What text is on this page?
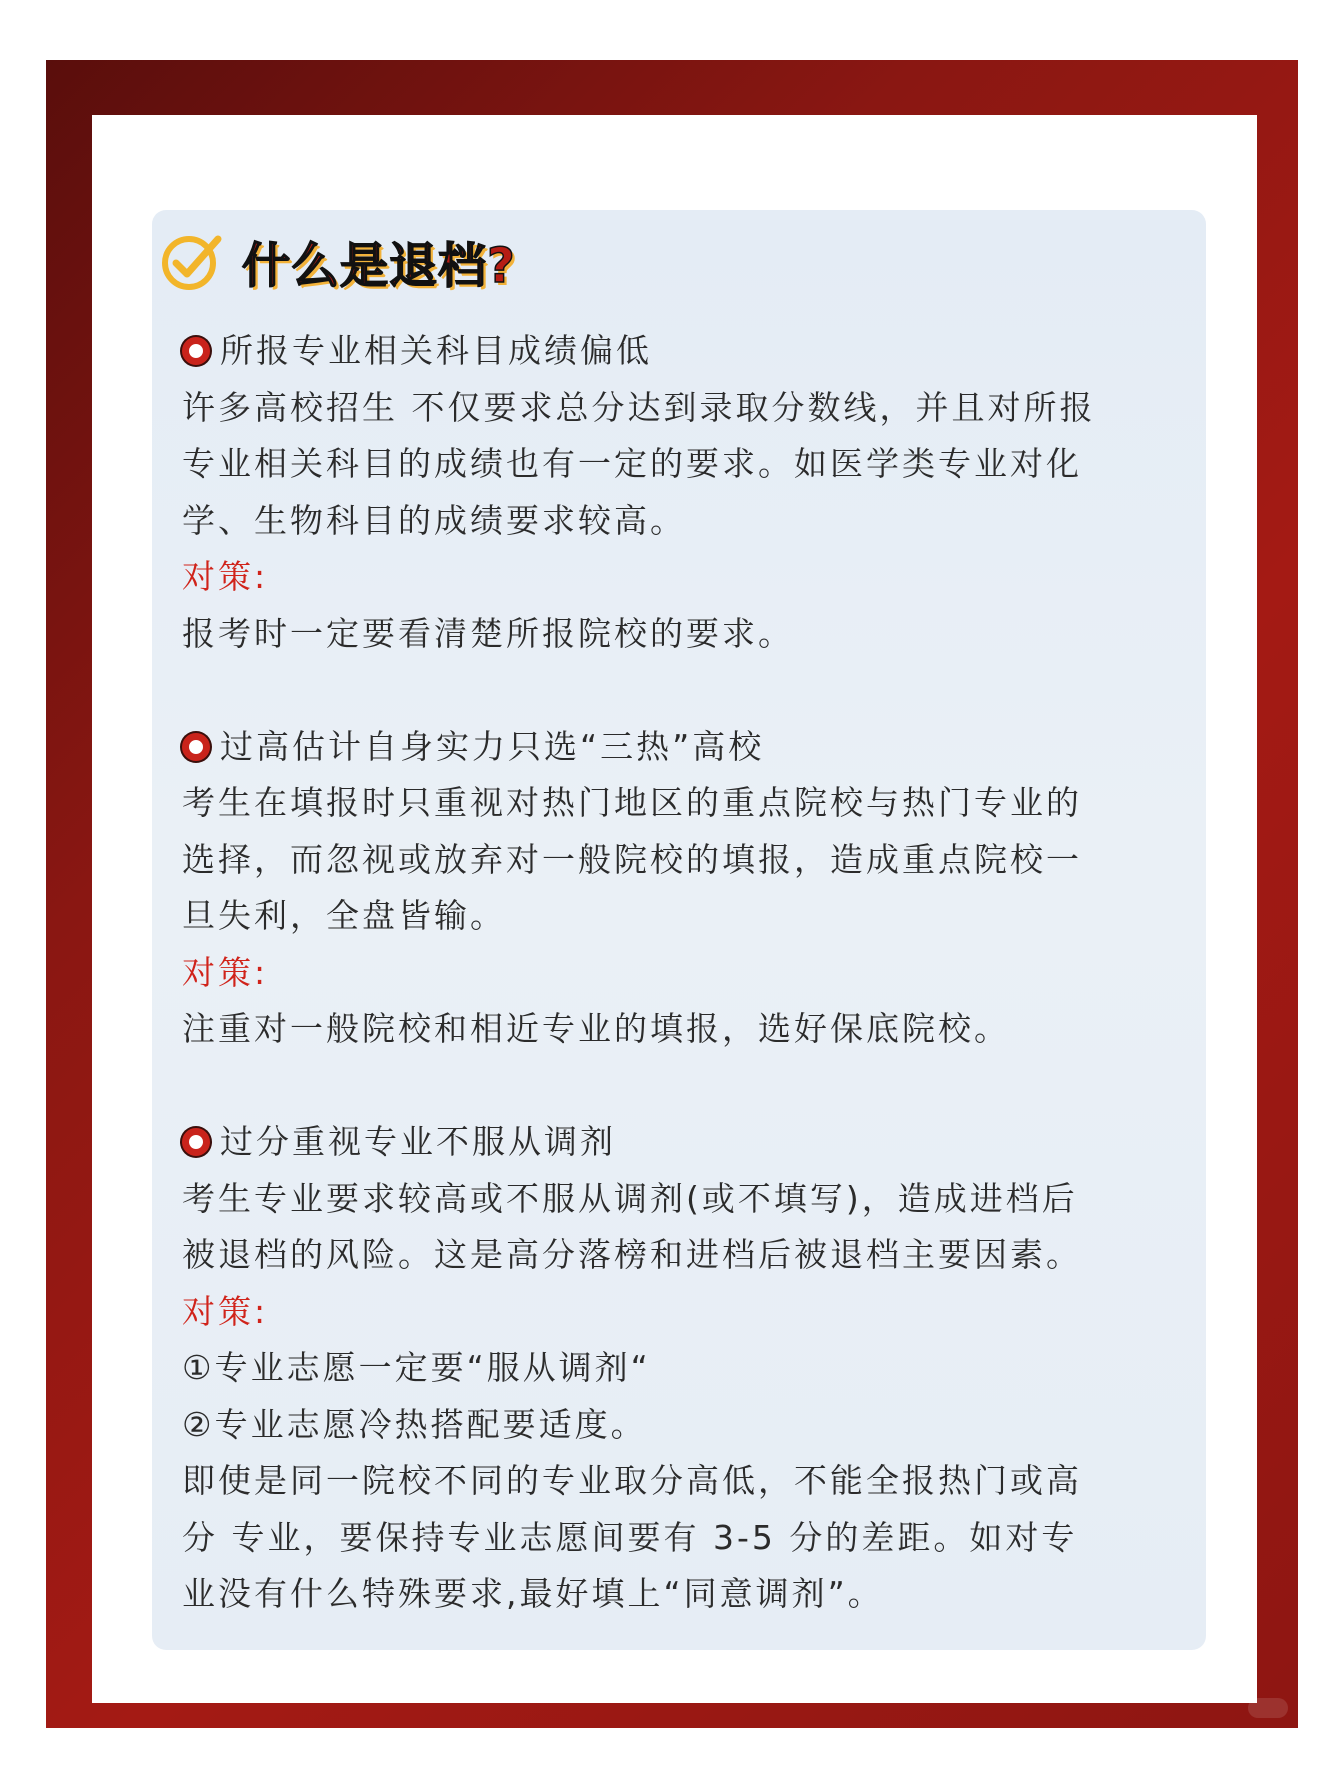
什么是退档?

所报专业相关科目成绩偏低

许多高校招生 不仅要求总分达到录取分数线，并且对所报

专业相关科目的成绩也有一定的要求。如医学类专业对化

学、生物科目的成绩要求较高。

对策:

报考时一定要看清楚所报院校的要求。

过高估计自身实力只选“三热”高校

考生在填报时只重视对热门地区的重点院校与热门专业的

选择，而忽视或放弃对一般院校的填报，造成重点院校一

旦失利，全盘皆输。

对策:

注重对一般院校和相近专业的填报，选好保底院校。

过分重视专业不服从调剂

考生专业要求较高或不服从调剂(或不填写)，造成进档后

被退档的风险。这是高分落榜和进档后被退档主要因素。

对策:

①专业志愿一定要“服从调剂“

②专业志愿冷热搭配要适度。

即使是同一院校不同的专业取分高低，不能全报热门或高

分 专业，要保持专业志愿间要有 3-5 分的差距。如对专

业没有什么特殊要求,最好填上“同意调剂”。
